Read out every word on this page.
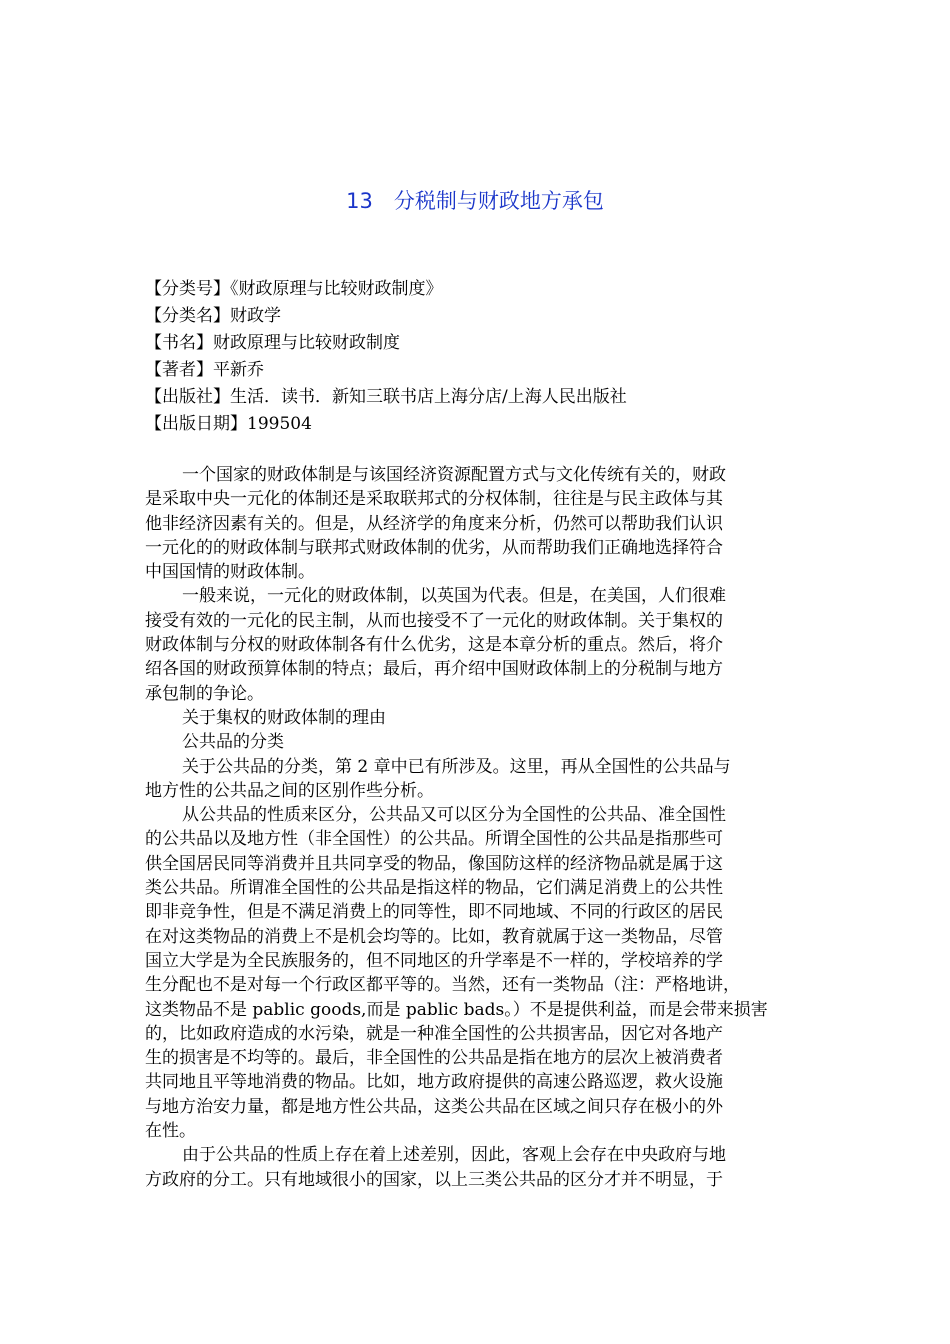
13　分税制与财政地方承包
【分类号】《财政原理与比较财政制度》
【分类名】财政学
【书名】财政原理与比较财政制度
【著者】平新乔
【出版社】生活．读书．新知三联书店上海分店/上海人民出版社
【出版日期】199504
一个国家的财政体制是与该国经济资源配置方式与文化传统有关的，财政
是采取中央一元化的体制还是采取联邦式的分权体制，往往是与民主政体与其
他非经济因素有关的。但是，从经济学的角度来分析，仍然可以帮助我们认识
一元化的的财政体制与联邦式财政体制的优劣，从而帮助我们正确地选择符合
中国国情的财政体制。
一般来说，一元化的财政体制，以英国为代表。但是，在美国，人们很难
接受有效的一元化的民主制，从而也接受不了一元化的财政体制。关于集权的
财政体制与分权的财政体制各有什么优劣，这是本章分析的重点。然后，将介
绍各国的财政预算体制的特点；最后，再介绍中国财政体制上的分税制与地方
承包制的争论。
关于集权的财政体制的理由
公共品的分类
关于公共品的分类，第 2 章中已有所涉及。这里，再从全国性的公共品与
地方性的公共品之间的区别作些分析。
从公共品的性质来区分，公共品又可以区分为全国性的公共品、准全国性
的公共品以及地方性（非全国性）的公共品。所谓全国性的公共品是指那些可
供全国居民同等消费并且共同享受的物品，像国防这样的经济物品就是属于这
类公共品。所谓准全国性的公共品是指这样的物品，它们满足消费上的公共性
即非竞争性，但是不满足消费上的同等性，即不同地域、不同的行政区的居民
在对这类物品的消费上不是机会均等的。比如，教育就属于这一类物品，尽管
国立大学是为全民族服务的，但不同地区的升学率是不一样的，学校培养的学
生分配也不是对每一个行政区都平等的。当然，还有一类物品（注：严格地讲，
这类物品不是 pablic goods,而是 pablic bads。）不是提供利益，而是会带来损害
的，比如政府造成的水污染，就是一种准全国性的公共损害品，因它对各地产
生的损害是不均等的。最后，非全国性的公共品是指在地方的层次上被消费者
共同地且平等地消费的物品。比如，地方政府提供的高速公路巡逻，救火设施
与地方治安力量，都是地方性公共品，这类公共品在区域之间只存在极小的外
在性。
由于公共品的性质上存在着上述差别，因此，客观上会存在中央政府与地
方政府的分工。只有地域很小的国家，以上三类公共品的区分才并不明显，于
